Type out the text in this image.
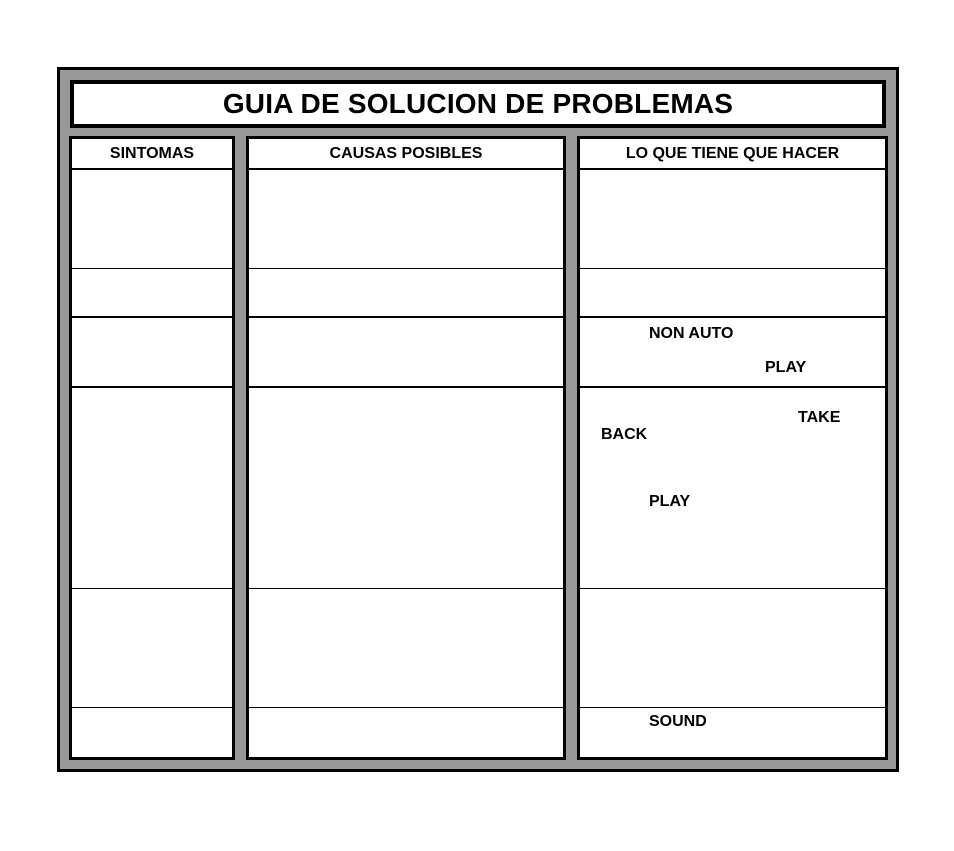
GUIA DE SOLUCION DE PROBLEMAS
SINTOMAS	CAUSAS POSIBLES	LO QUE TIENE QUE HACER
NON AUTO
PLAY
TAKE
BACK
PLAY
SOUND
